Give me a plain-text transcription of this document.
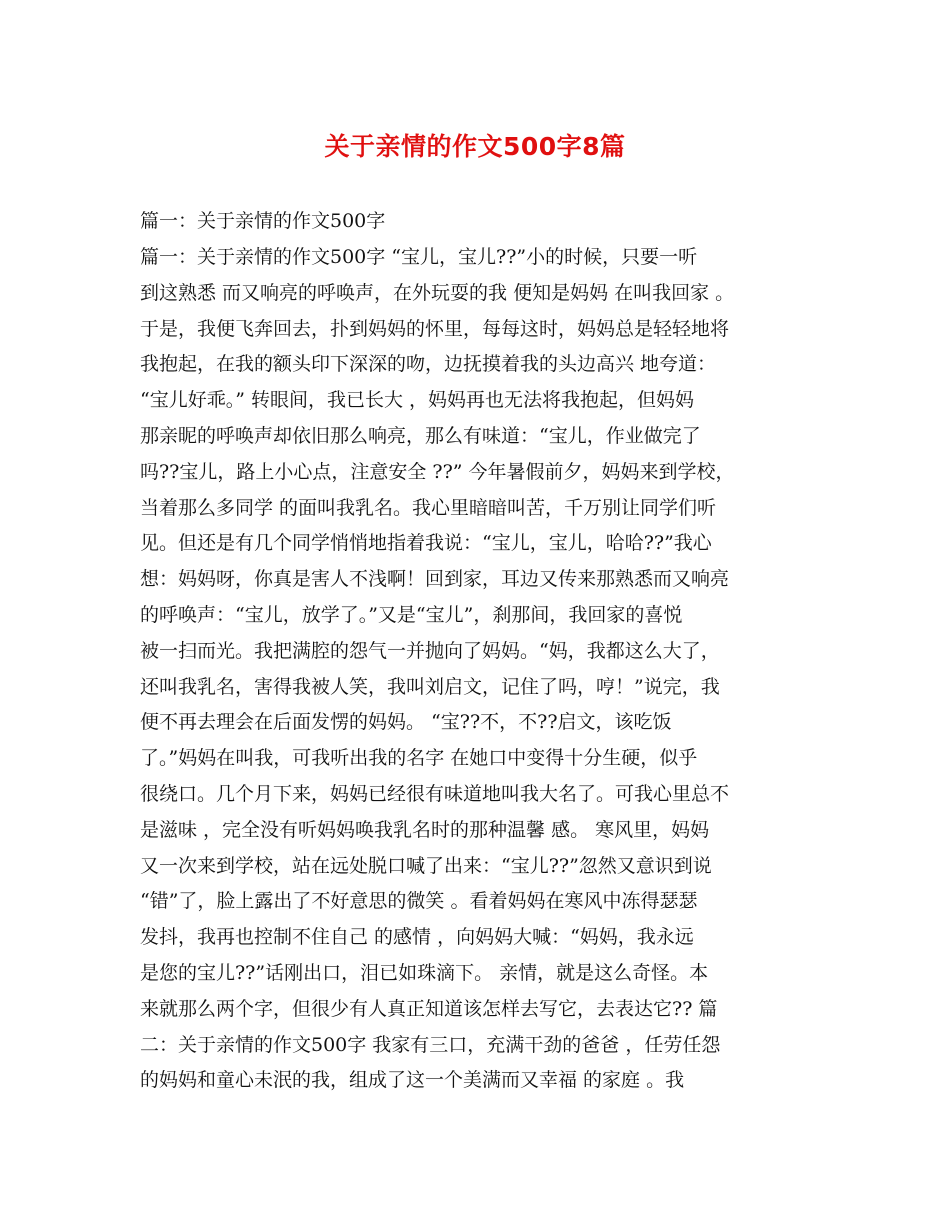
关于亲情的作文500字8篇
篇一：关于亲情的作文500字
篇一：关于亲情的作文500字 “宝儿，宝儿??”小的时候，只要一听
到这熟悉 而又响亮的呼唤声，在外玩耍的我 便知是妈妈 在叫我回家 。
于是，我便飞奔回去，扑到妈妈的怀里，每每这时，妈妈总是轻轻地将
我抱起，在我的额头印下深深的吻，边抚摸着我的头边高兴 地夸道：
“宝儿好乖。” 转眼间，我已长大 ，妈妈再也无法将我抱起，但妈妈
那亲昵的呼唤声却依旧那么响亮，那么有味道：“宝儿，作业做完了
吗??宝儿，路上小心点，注意安全 ??” 今年暑假前夕，妈妈来到学校，
当着那么多同学 的面叫我乳名。我心里暗暗叫苦，千万别让同学们听
见。但还是有几个同学悄悄地指着我说：“宝儿，宝儿，哈哈??”我心
想：妈妈呀，你真是害人不浅啊！回到家，耳边又传来那熟悉而又响亮
的呼唤声：“宝儿，放学了。”又是“宝儿”，刹那间，我回家的喜悦
被一扫而光。我把满腔的怨气一并抛向了妈妈。“妈，我都这么大了，
还叫我乳名，害得我被人笑，我叫刘启文，记住了吗，哼！”说完，我
便不再去理会在后面发愣的妈妈。 “宝??不，不??启文，该吃饭
了。”妈妈在叫我，可我听出我的名字 在她口中变得十分生硬，似乎
很绕口。几个月下来，妈妈已经很有味道地叫我大名了。可我心里总不
是滋味 ，完全没有听妈妈唤我乳名时的那种温馨 感。 寒风里，妈妈
又一次来到学校，站在远处脱口喊了出来：“宝儿??”忽然又意识到说
“错”了，脸上露出了不好意思的微笑 。看着妈妈在寒风中冻得瑟瑟
发抖，我再也控制不住自己 的感情 ，向妈妈大喊：“妈妈，我永远
是您的宝儿??”话刚出口，泪已如珠滴下。 亲情，就是这么奇怪。本
来就那么两个字，但很少有人真正知道该怎样去写它，去表达它?? 篇
二：关于亲情的作文500字 我家有三口，充满干劲的爸爸 ，任劳任怨
的妈妈和童心未泯的我，组成了这一个美满而又幸福 的家庭 。我
